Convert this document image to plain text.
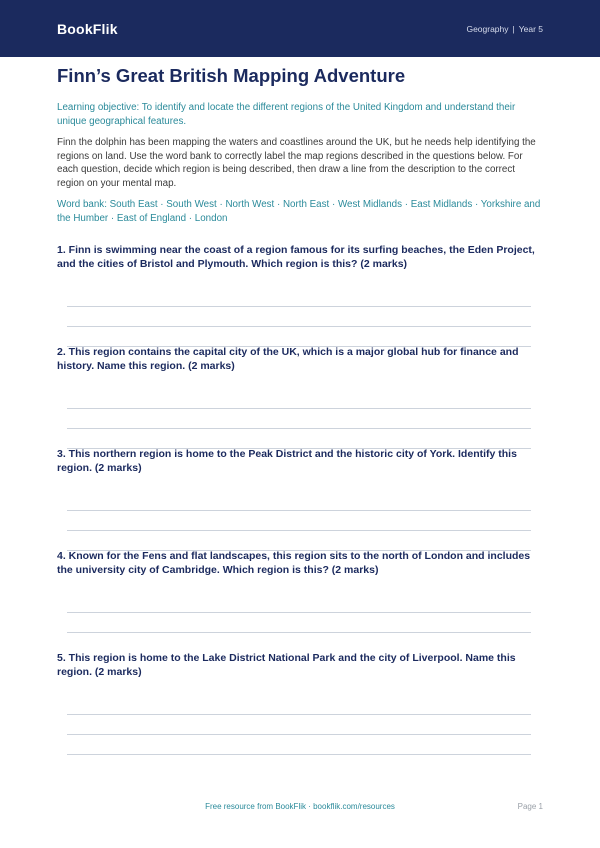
BookFlik	Geography | Year 5
Finn’s Great British Mapping Adventure

Learning objective: To identify and locate the different regions of the United Kingdom and understand their unique geographical features.

Finn the dolphin has been mapping the waters and coastlines around the UK, but he needs help identifying the regions on land. Use the word bank to correctly label the map regions described in the questions below. For each question, decide which region is being described, then draw a line from the description to the correct region on your mental map.

Word bank: South East · South West · North West · North East · West Midlands · East Midlands · Yorkshire and the Humber · East of England · London

1. Finn is swimming near the coast of a region famous for its surfing beaches, the Eden Project, and the cities of Bristol and Plymouth. Which region is this? (2 marks)

2. This region contains the capital city of the UK, which is a major global hub for finance and history. Name this region. (2 marks)

3. This northern region is home to the Peak District and the historic city of York. Identify this region. (2 marks)

4. Known for the Fens and flat landscapes, this region sits to the north of London and includes the university city of Cambridge. Which region is this? (2 marks)

5. This region is home to the Lake District National Park and the city of Liverpool. Name this region. (2 marks)

Free resource from BookFlik · bookflik.com/resources	Page 1
